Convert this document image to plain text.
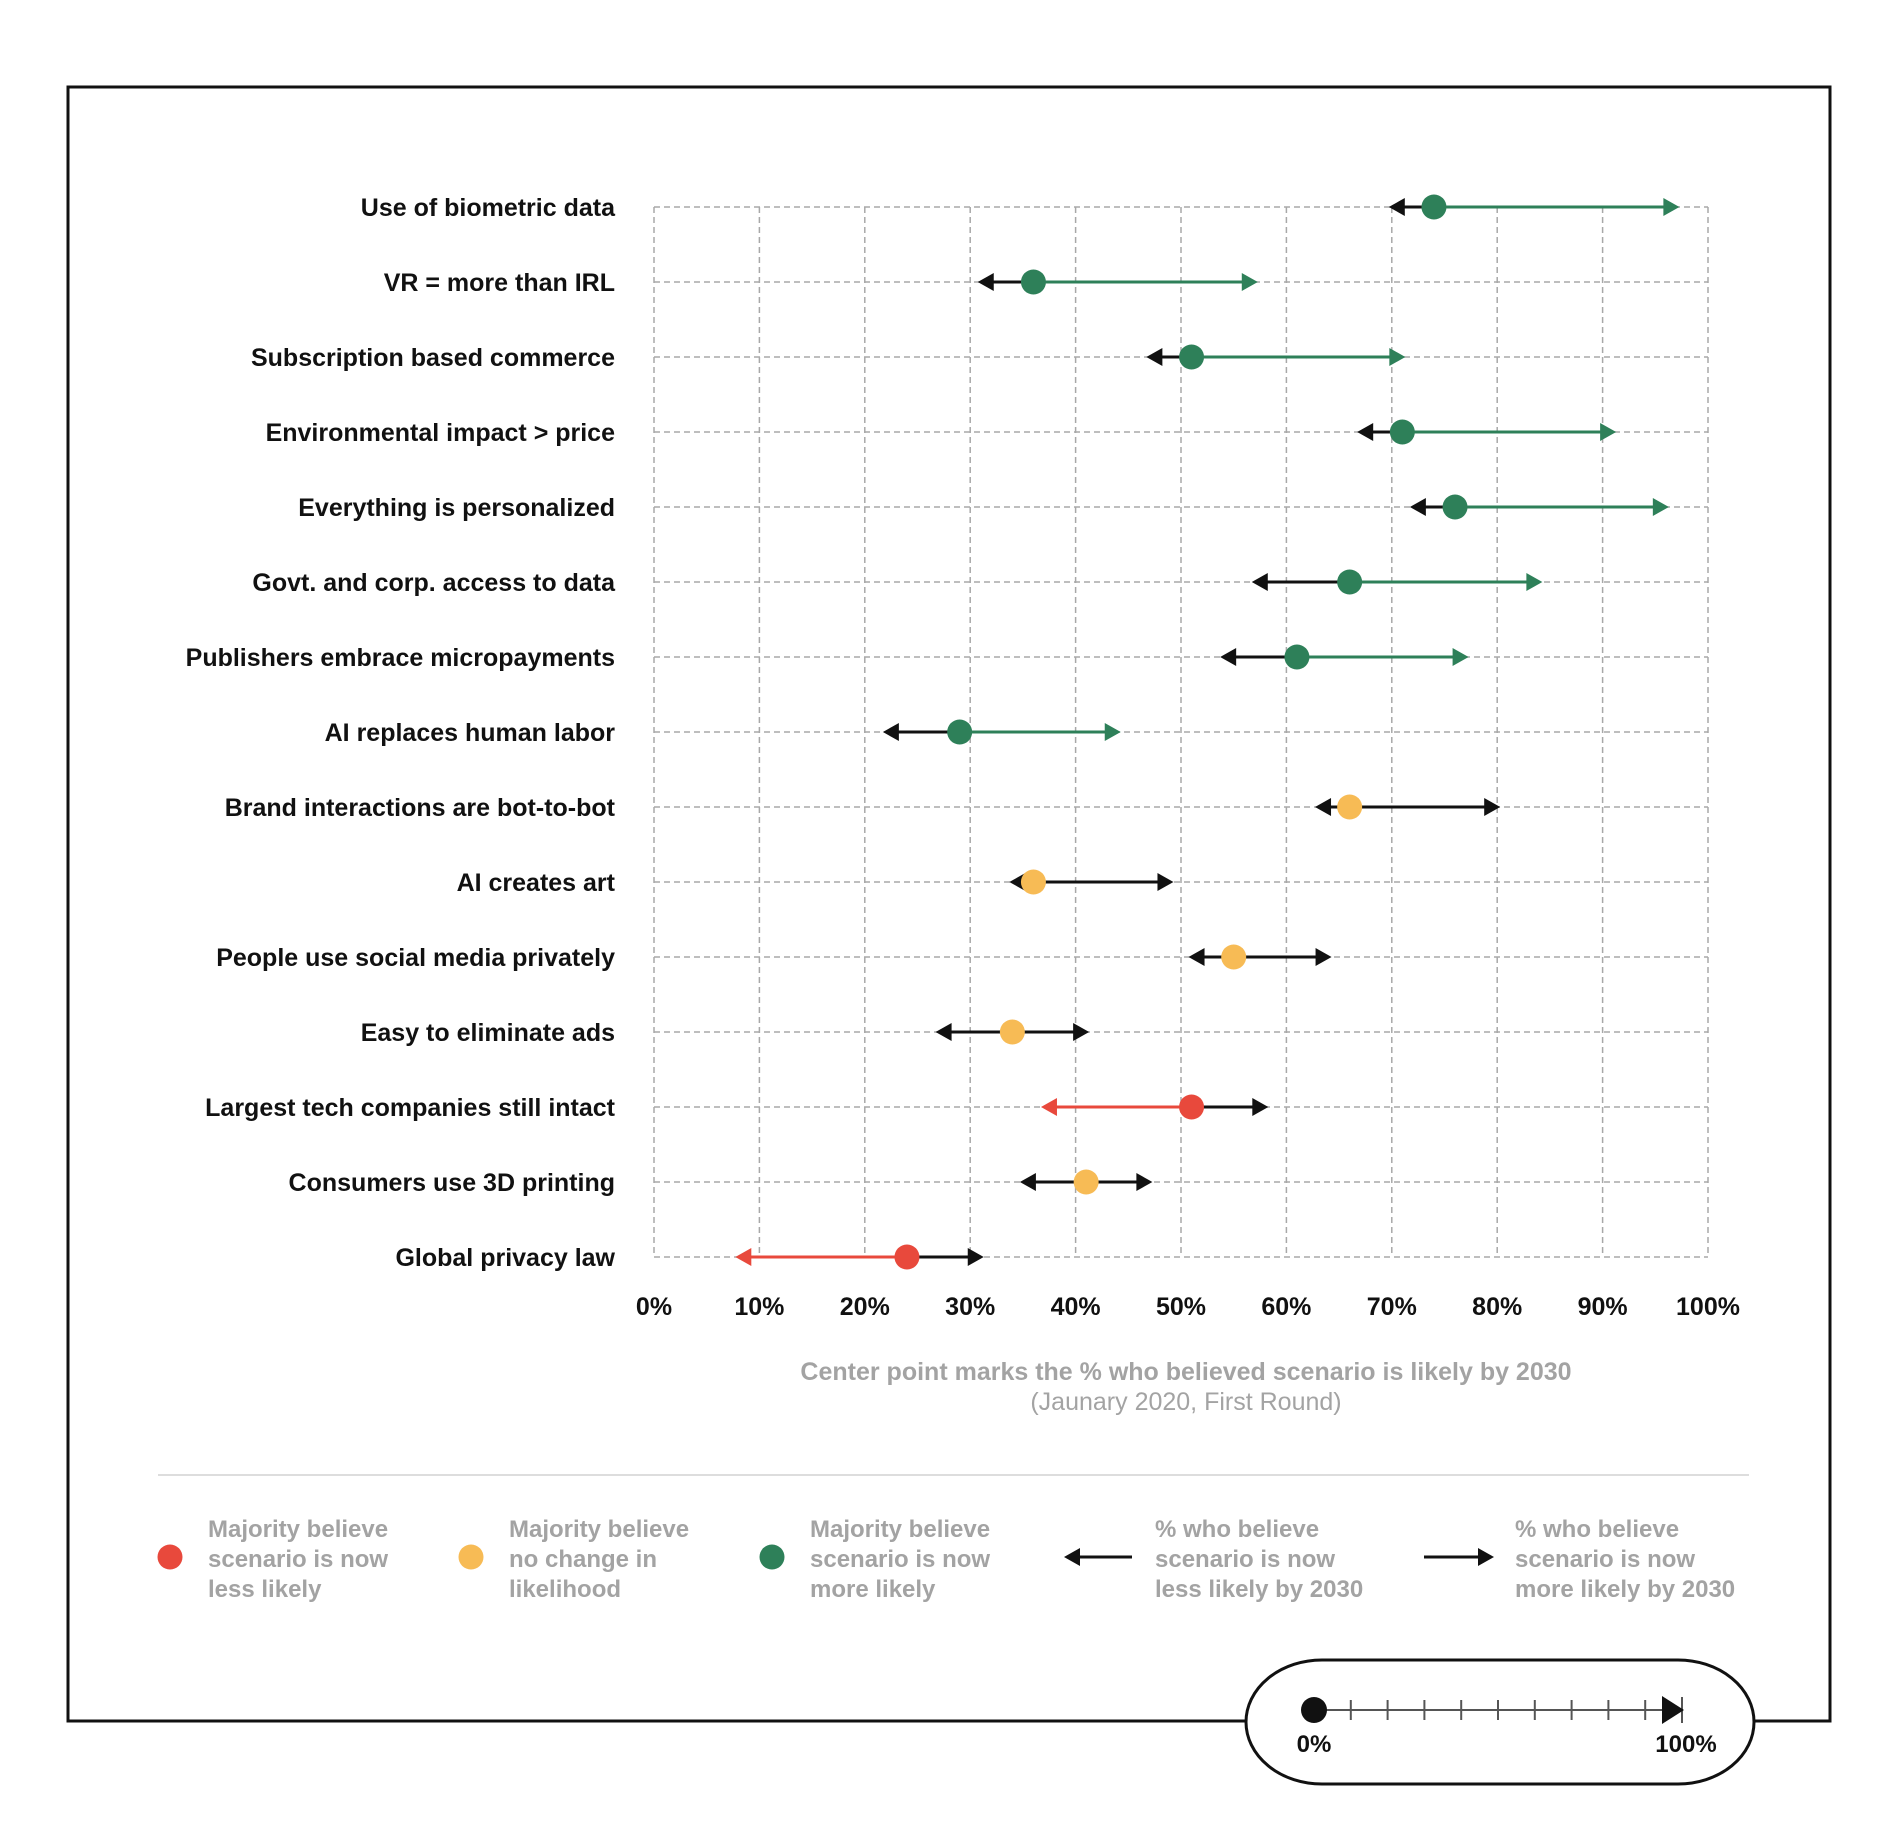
Use of biometric data
VR = more than IRL
Subscription based commerce
Environmental impact > price
Everything is personalized
Govt. and corp. access to data
Publishers embrace micropayments
AI replaces human labor
Brand interactions are bot-to-bot
AI creates art
People use social media privately
Easy to eliminate ads
Largest tech companies still intact
Consumers use 3D printing
Global privacy law
0% 10% 20% 30% 40% 50% 60% 70% 80% 90% 100%
Center point marks the % who believed scenario is likely by 2030
(Jaunary 2020, First Round)
Majority believe
scenario is now
less likely
Majority believe
no change in
likelihood
Majority believe
scenario is now
more likely
% who believe
scenario is now
less likely by 2030
% who believe
scenario is now
more likely by 2030
0%	100%
